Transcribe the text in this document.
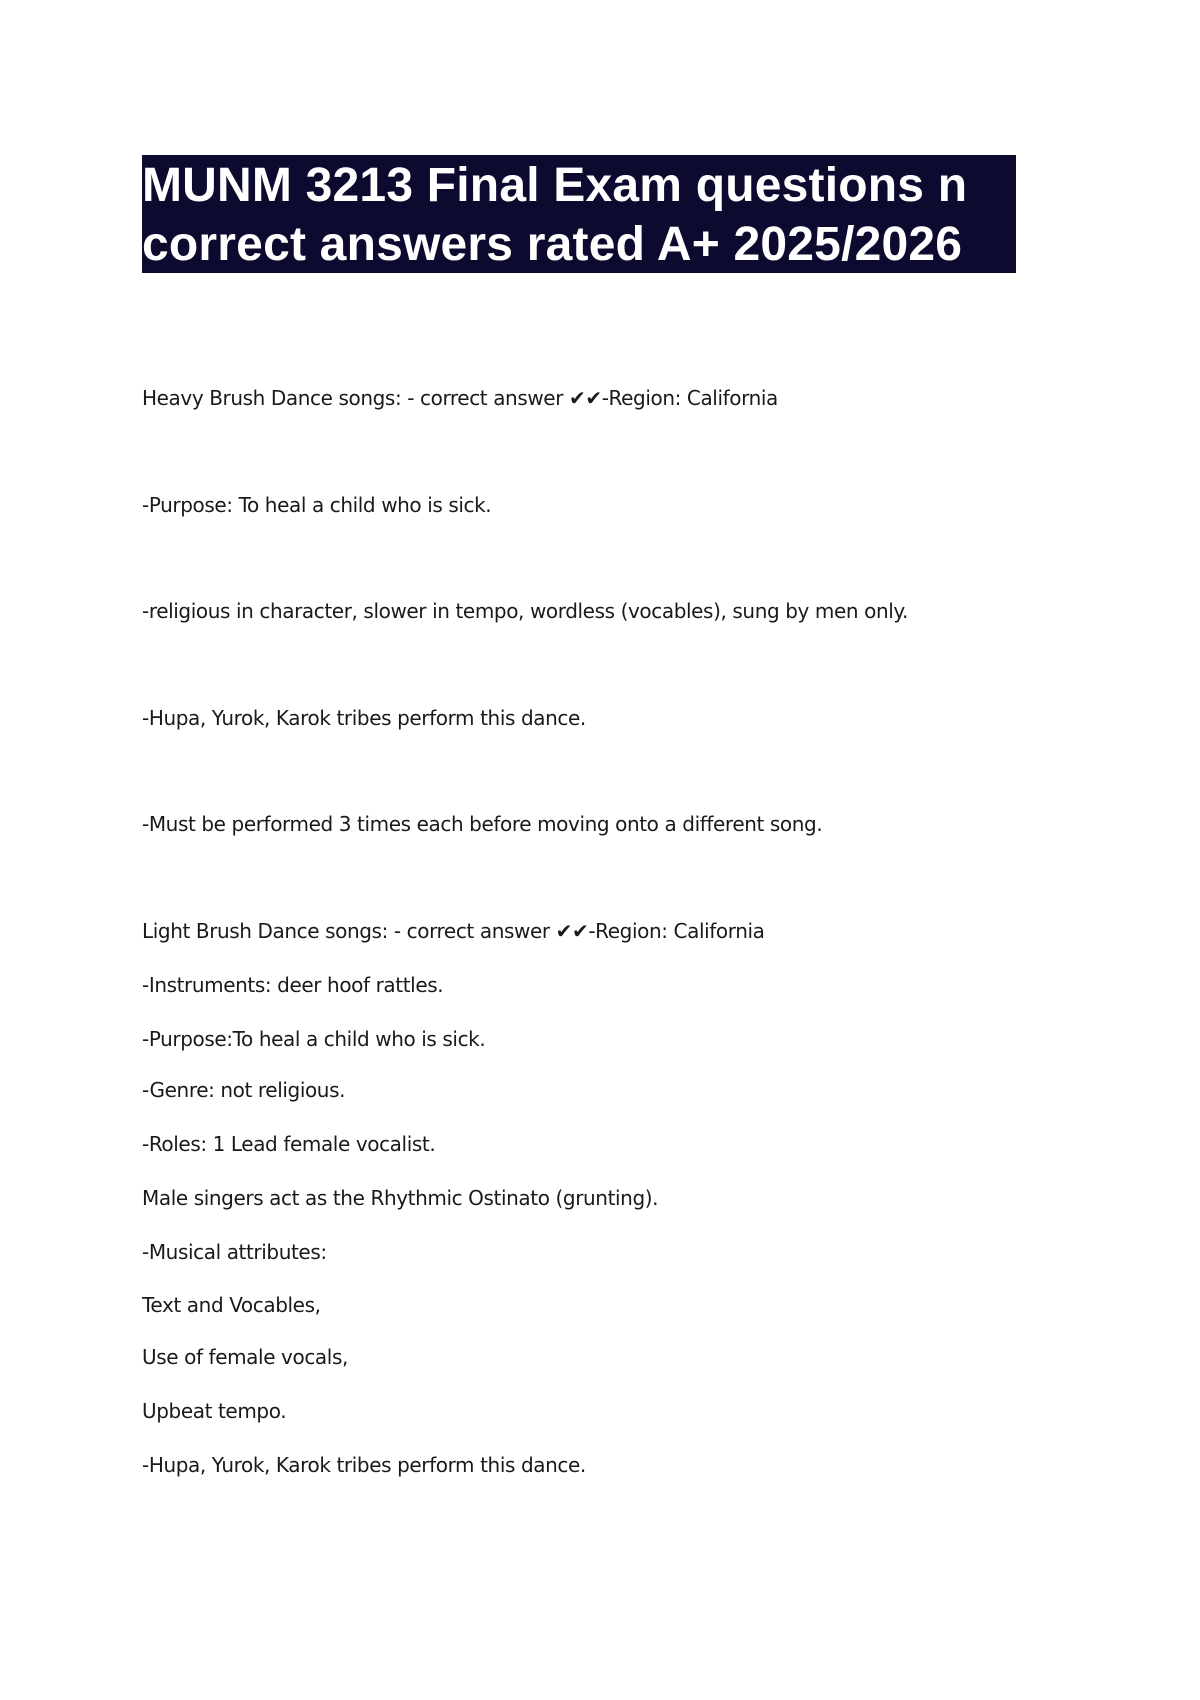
MUNM 3213 Final Exam questions n
correct answers rated A+ 2025/2026

Heavy Brush Dance songs: - correct answer ✔✔-Region: California

-Purpose: To heal a child who is sick.

-religious in character, slower in tempo, wordless (vocables), sung by men only.

-Hupa, Yurok, Karok tribes perform this dance.

-Must be performed 3 times each before moving onto a different song.

Light Brush Dance songs: - correct answer ✔✔-Region: California

-Instruments: deer hoof rattles.

-Purpose:To heal a child who is sick.

-Genre: not religious.

-Roles: 1 Lead female vocalist.

Male singers act as the Rhythmic Ostinato (grunting).

-Musical attributes:

Text and Vocables,

Use of female vocals,

Upbeat tempo.

-Hupa, Yurok, Karok tribes perform this dance.
